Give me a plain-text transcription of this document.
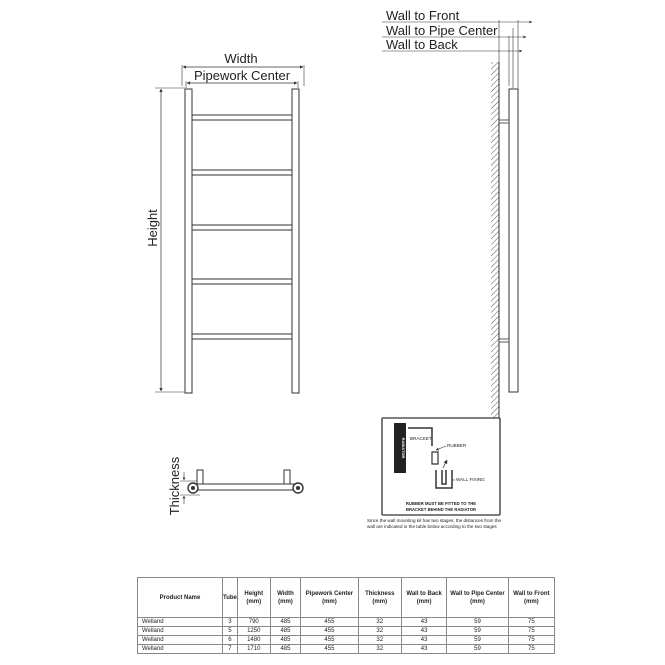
Width
Pipework Center
Height
Wall to Front
Wall to Pipe Center
Wall to Back
Thickness
RADIATOR BRACKET
RUBBER
WALL FIXING
RUBBER MUST BE FITTED TO THE
BRACKET BEHIND THE RADIATOR
Since the wall mounting kit has two stages, the distances from the
wall are indicated in the table below according to the two stages
Product Name	Tube	Height (mm)	Width (mm)	Pipework Center (mm)	Thickness (mm)	Wall to Back (mm)	Wall to Pipe Center (mm)	Wall to Front (mm)
Welland	3	790	485	455	32	43	59	75
Welland	5	1250	485	455	32	43	59	75
Welland	6	1480	485	455	32	43	59	75
Welland	7	1710	485	455	32	43	59	75
